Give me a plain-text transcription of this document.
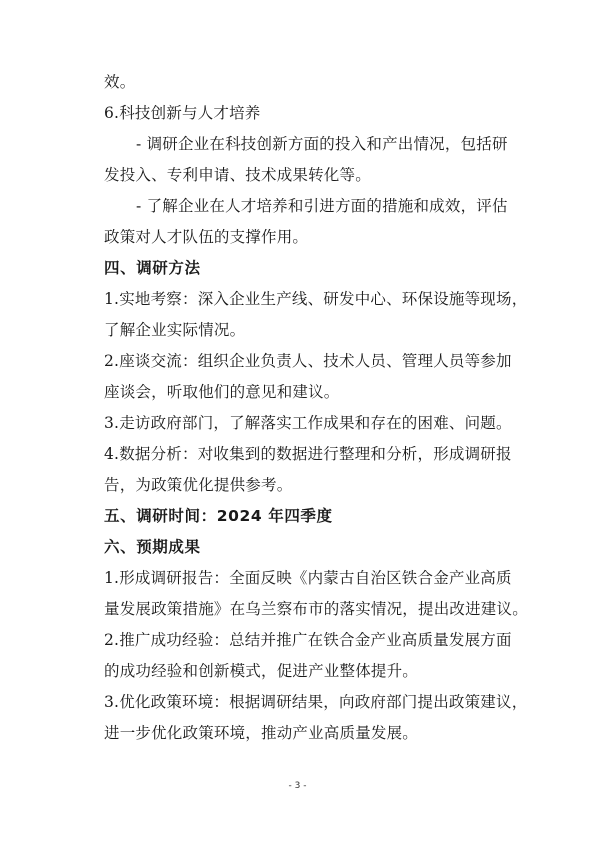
效。
6.科技创新与人才培养
- 调研企业在科技创新方面的投入和产出情况，包括研
发投入、专利申请、技术成果转化等。
- 了解企业在人才培养和引进方面的措施和成效，评估
政策对人才队伍的支撑作用。
四、调研方法
1.实地考察：深入企业生产线、研发中心、环保设施等现场，
了解企业实际情况。
2.座谈交流：组织企业负责人、技术人员、管理人员等参加
座谈会，听取他们的意见和建议。
3.走访政府部门，了解落实工作成果和存在的困难、问题。
4.数据分析：对收集到的数据进行整理和分析，形成调研报
告，为政策优化提供参考。
五、调研时间：2024 年四季度
六、预期成果
1.形成调研报告：全面反映《内蒙古自治区铁合金产业高质
量发展政策措施》在乌兰察布市的落实情况，提出改进建议。
2.推广成功经验：总结并推广在铁合金产业高质量发展方面
的成功经验和创新模式，促进产业整体提升。
3.优化政策环境：根据调研结果，向政府部门提出政策建议，
进一步优化政策环境，推动产业高质量发展。
- 3 -
